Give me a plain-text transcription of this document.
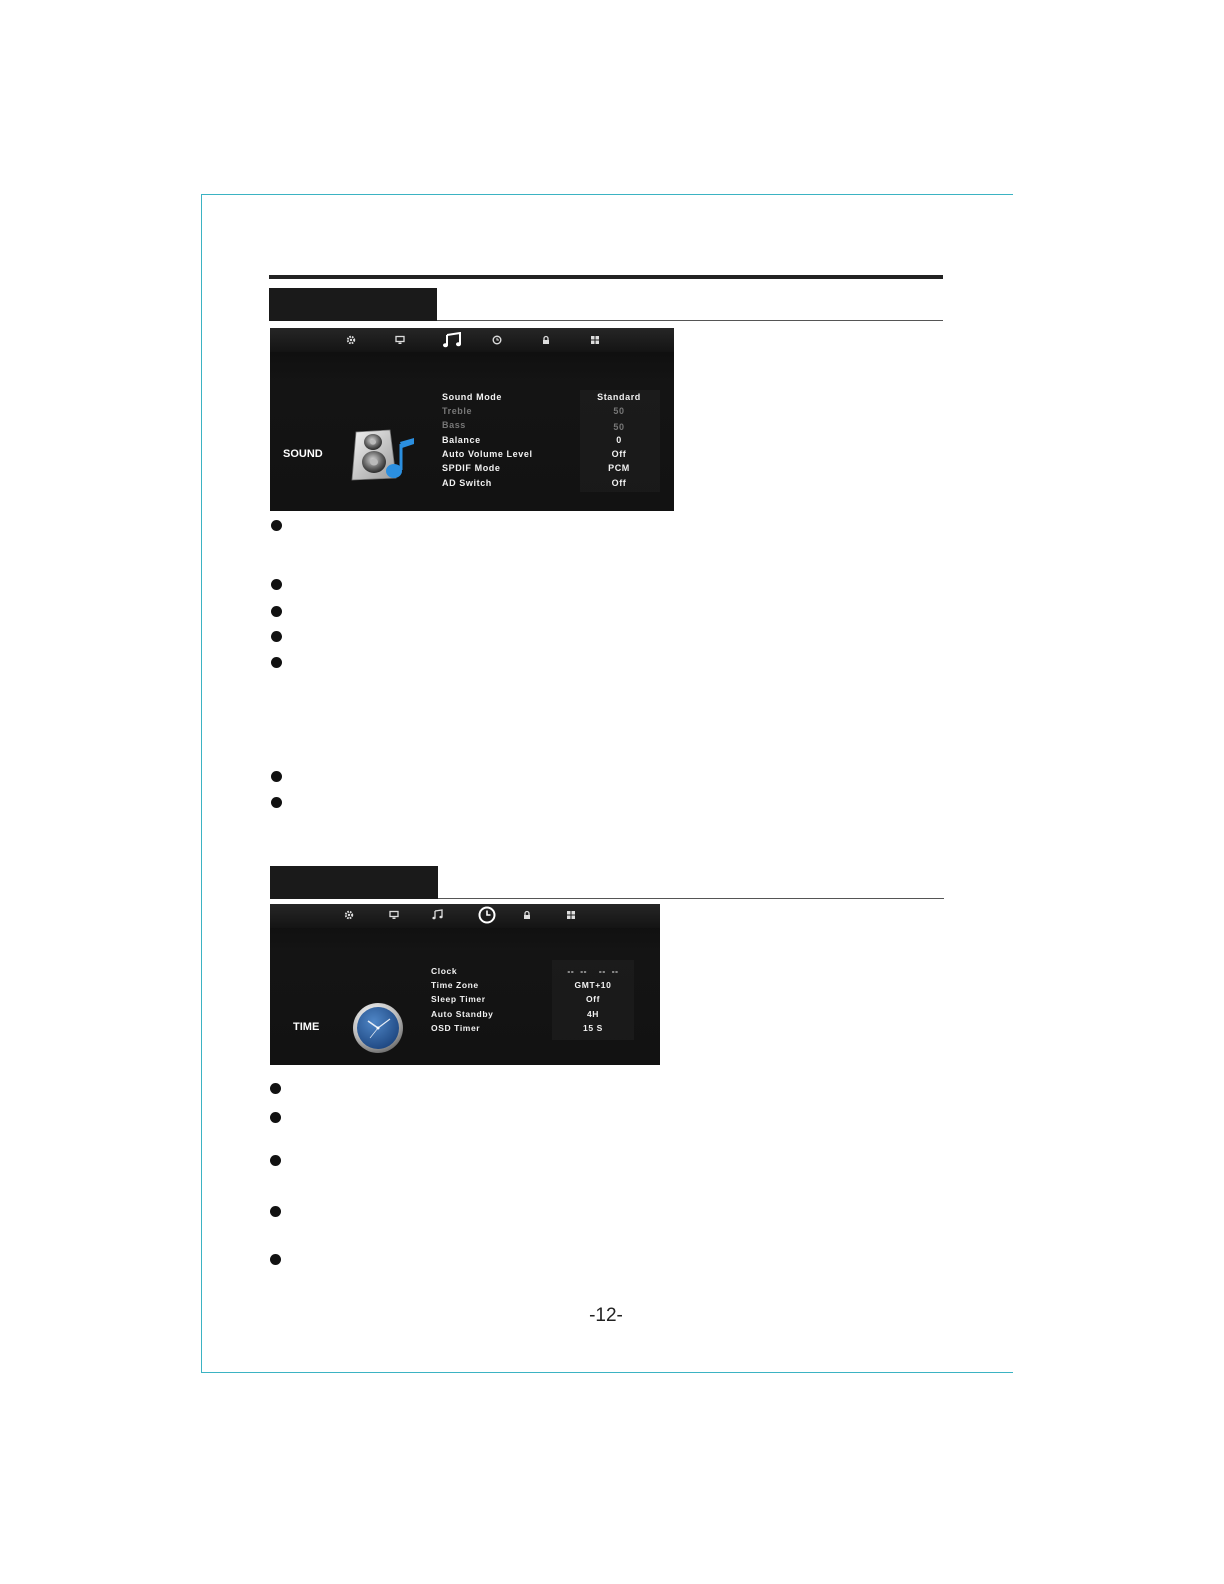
SOUND
Sound Mode	Standard
Treble	50
Bass	50
Balance	0
Auto Volume Level	Off
SPDIF Mode	PCM
AD Switch	Off
TIME
Clock	--  --    --  --
Time Zone	GMT+10
Sleep Timer	Off
Auto Standby	4H
OSD Timer	15 S
-12-
